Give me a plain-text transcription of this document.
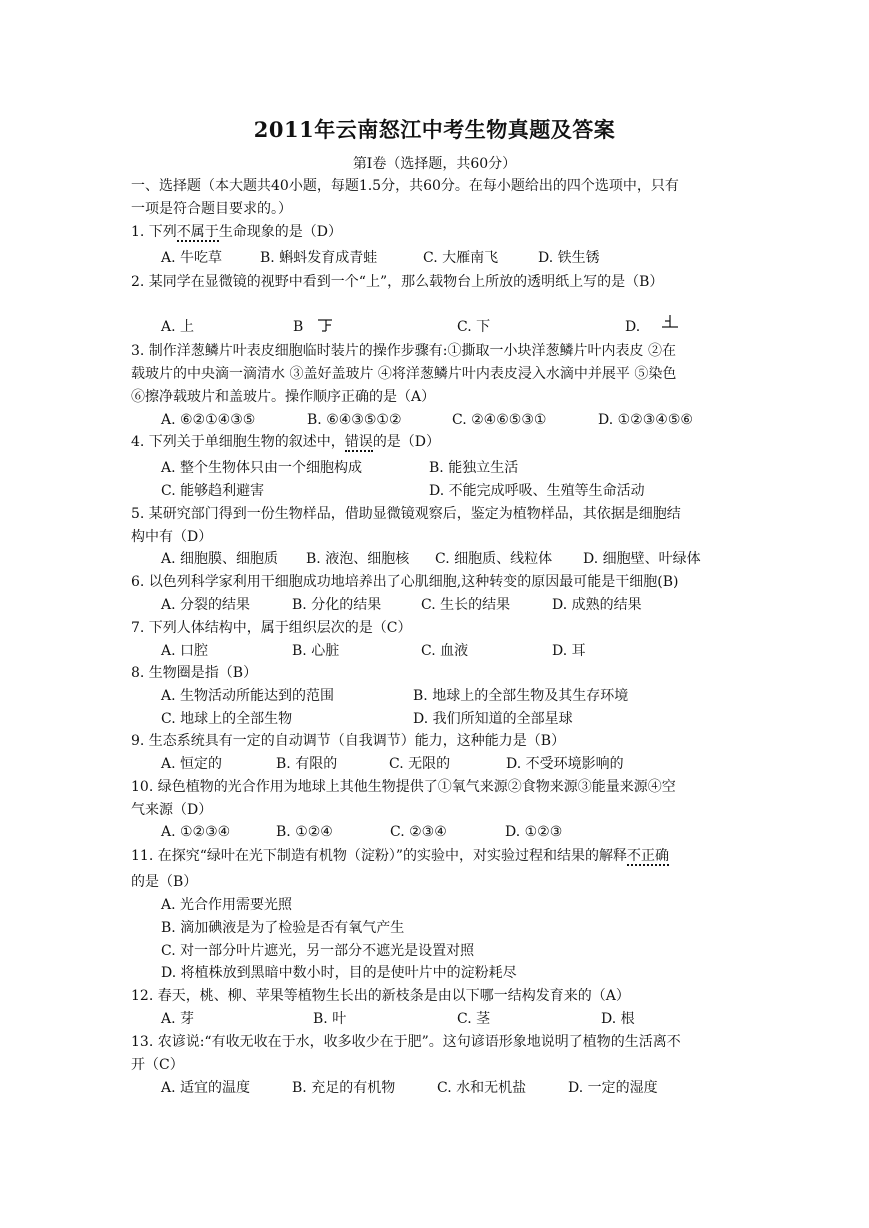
2011年云南怒江中考生物真题及答案
第Ⅰ卷（选择题，共60分）
一、选择题（本大题共40小题，每题1.5分，共60分。在每小题给出的四个选项中，只有
一项是符合题目要求的。）
1. 下列不属于生命现象的是（D）
A. 牛吃草	B. 蝌蚪发育成青蛙	C. 大雁南飞	D. 铁生锈
2. 某同学在显微镜的视野中看到一个“上”，那么载物台上所放的透明纸上写的是（B）
A. 上	B	C. 下	D.
3. 制作洋葱鳞片叶表皮细胞临时装片的操作步骤有:①撕取一小块洋葱鳞片叶内表皮 ②在
载玻片的中央滴一滴清水 ③盖好盖玻片 ④将洋葱鳞片叶内表皮浸入水滴中并展平 ⑤染色
⑥擦净载玻片和盖玻片。操作顺序正确的是（A）
A. ⑥②①④③⑤	B. ⑥④③⑤①②	C. ②④⑥⑤③①	D. ①②③④⑤⑥
4. 下列关于单细胞生物的叙述中，错误的是（D）
A. 整个生物体只由一个细胞构成	B. 能独立生活
C. 能够趋利避害	D. 不能完成呼吸、生殖等生命活动
5. 某研究部门得到一份生物样品，借助显微镜观察后，鉴定为植物样品，其依据是细胞结
构中有（D）
A. 细胞膜、细胞质 B. 液泡、细胞核 C. 细胞质、线粒体 D. 细胞壁、叶绿体
6. 以色列科学家利用干细胞成功地培养出了心肌细胞,这种转变的原因最可能是干细胞(B)
A. 分裂的结果	B. 分化的结果	C. 生长的结果	D. 成熟的结果
7. 下列人体结构中，属于组织层次的是（C）
A. 口腔	B. 心脏	C. 血液	D. 耳
8. 生物圈是指（B）
A. 生物活动所能达到的范围	B. 地球上的全部生物及其生存环境
C. 地球上的全部生物	D. 我们所知道的全部星球
9. 生态系统具有一定的自动调节（自我调节）能力，这种能力是（B）
A. 恒定的	B. 有限的	C. 无限的	D. 不受环境影响的
10. 绿色植物的光合作用为地球上其他生物提供了①氧气来源②食物来源③能量来源④空
气来源（D）
A. ①②③④	B. ①②④	C. ②③④	D. ①②③
11. 在探究“绿叶在光下制造有机物（淀粉）”的实验中，对实验过程和结果的解释不正确
的是（B）
A. 光合作用需要光照
B. 滴加碘液是为了检验是否有氧气产生
C. 对一部分叶片遮光，另一部分不遮光是设置对照
D. 将植株放到黑暗中数小时，目的是使叶片中的淀粉耗尽
12. 春天，桃、柳、苹果等植物生长出的新枝条是由以下哪一结构发育来的（A）
A. 芽	B. 叶	C. 茎	D. 根
13. 农谚说:“有收无收在于水，收多收少在于肥”。这句谚语形象地说明了植物的生活离不
开（C）
A. 适宜的温度	B. 充足的有机物	C. 水和无机盐	D. 一定的湿度
